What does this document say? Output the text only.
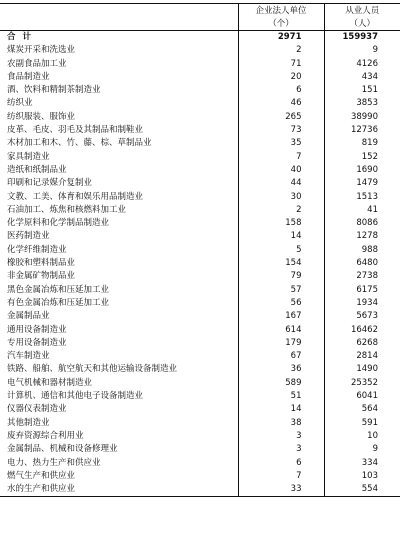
	企业法人单位	从业人员
	（个）	（人）
合计	2971	159937
煤炭开采和洗选业	2	9
农副食品加工业	71	4126
食品制造业	20	434
酒、饮料和精制茶制造业	6	151
纺织业	46	3853
纺织服装、服饰业	265	38990
皮革、毛皮、羽毛及其制品和制鞋业	73	12736
木材加工和木、竹、藤、棕、草制品业	35	819
家具制造业	7	152
造纸和纸制品业	40	1690
印刷和记录媒介复制业	44	1479
文教、工美、体育和娱乐用品制造业	30	1513
石油加工、炼焦和核燃料加工业	2	41
化学原料和化学制品制造业	158	8086
医药制造业	14	1278
化学纤维制造业	5	988
橡胶和塑料制品业	154	6480
非金属矿物制品业	79	2738
黑色金属冶炼和压延加工业	57	6175
有色金属冶炼和压延加工业	56	1934
金属制品业	167	5673
通用设备制造业	614	16462
专用设备制造业	179	6268
汽车制造业	67	2814
铁路、船舶、航空航天和其他运输设备制造业	36	1490
电气机械和器材制造业	589	25352
计算机、通信和其他电子设备制造业	51	6041
仪器仪表制造业	14	564
其他制造业	38	591
废弃资源综合利用业	3	10
金属制品、机械和设备修理业	3	9
电力、热力生产和供应业	6	334
燃气生产和供应业	7	103
水的生产和供应业	33	554
